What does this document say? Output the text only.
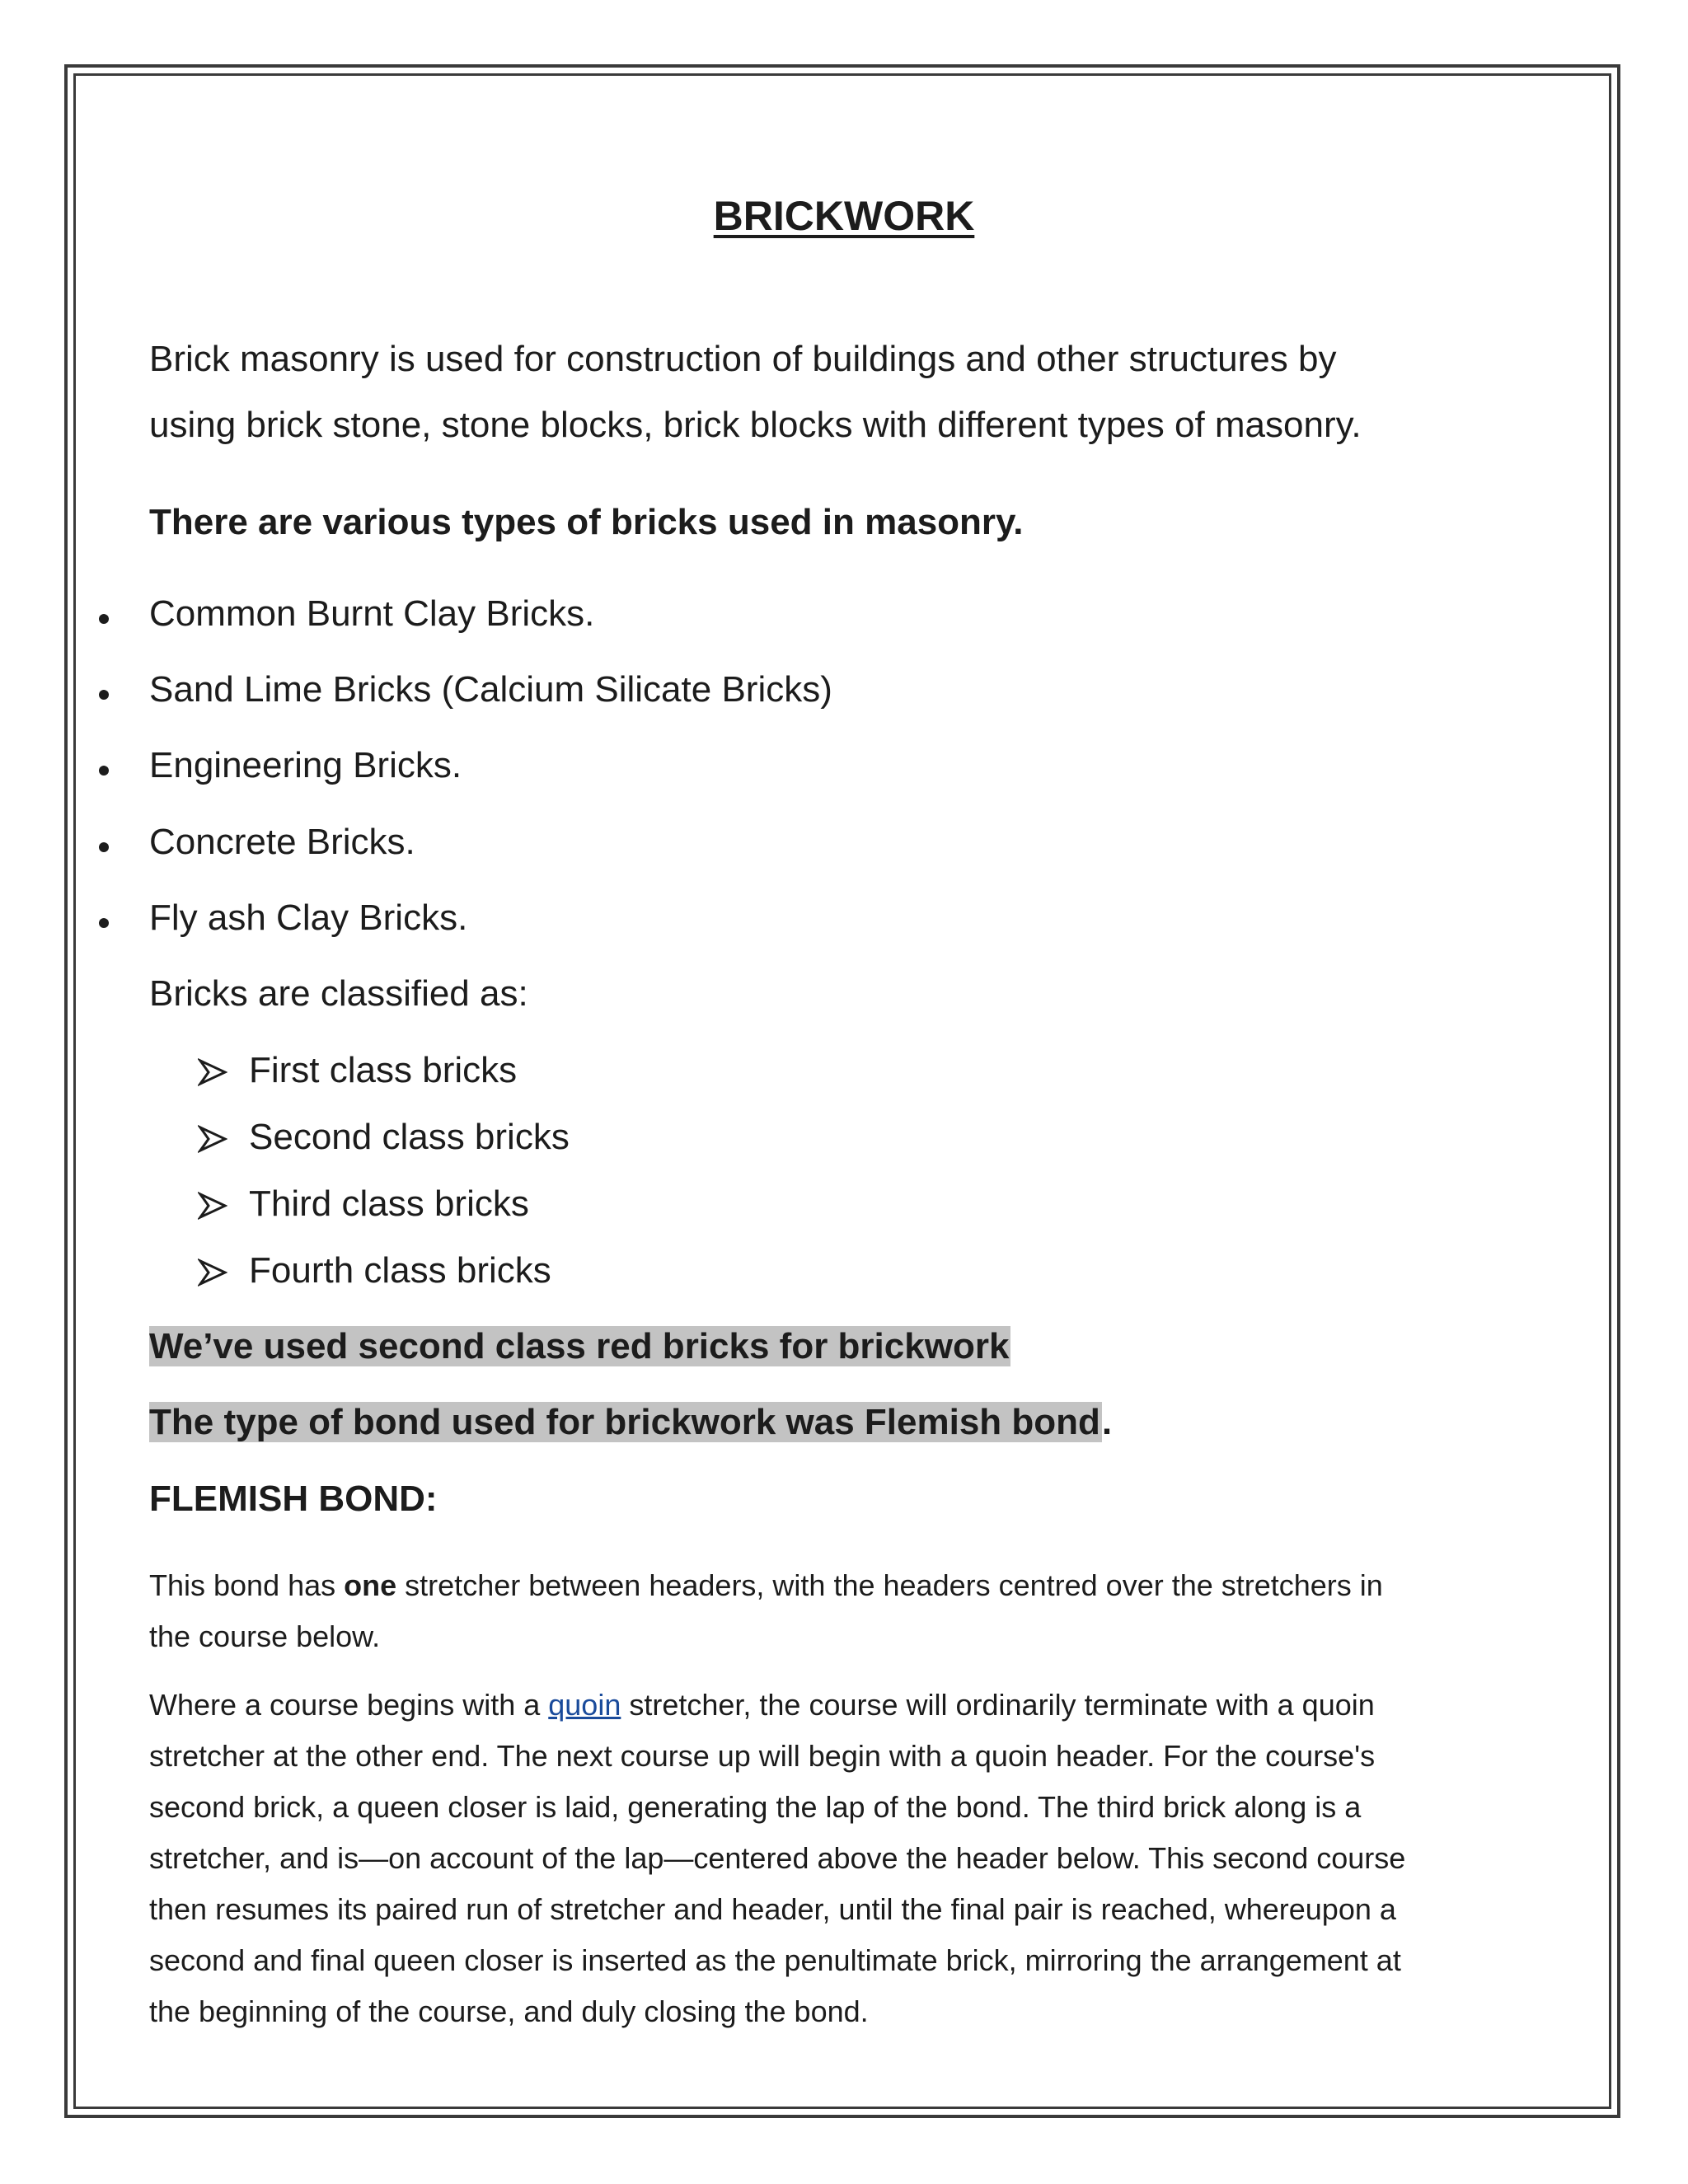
BRICKWORK
Brick masonry is used for construction of buildings and other structures by
using brick stone, stone blocks, brick blocks with different types of masonry.
There are various types of bricks used in masonry.
Common Burnt Clay Bricks.
Sand Lime Bricks (Calcium Silicate Bricks)
Engineering Bricks.
Concrete Bricks.
Fly ash Clay Bricks.
Bricks are classified as:
First class bricks
Second class bricks
Third class bricks
Fourth class bricks
We’ve used second class red bricks for brickwork
The type of bond used for brickwork was Flemish bond.
FLEMISH BOND:
This bond has one stretcher between headers, with the headers centred over the stretchers in
the course below.
Where a course begins with a quoin stretcher, the course will ordinarily terminate with a quoin
stretcher at the other end. The next course up will begin with a quoin header. For the course's
second brick, a queen closer is laid, generating the lap of the bond. The third brick along is a
stretcher, and is—on account of the lap—centered above the header below. This second course
then resumes its paired run of stretcher and header, until the final pair is reached, whereupon a
second and final queen closer is inserted as the penultimate brick, mirroring the arrangement at
the beginning of the course, and duly closing the bond.
